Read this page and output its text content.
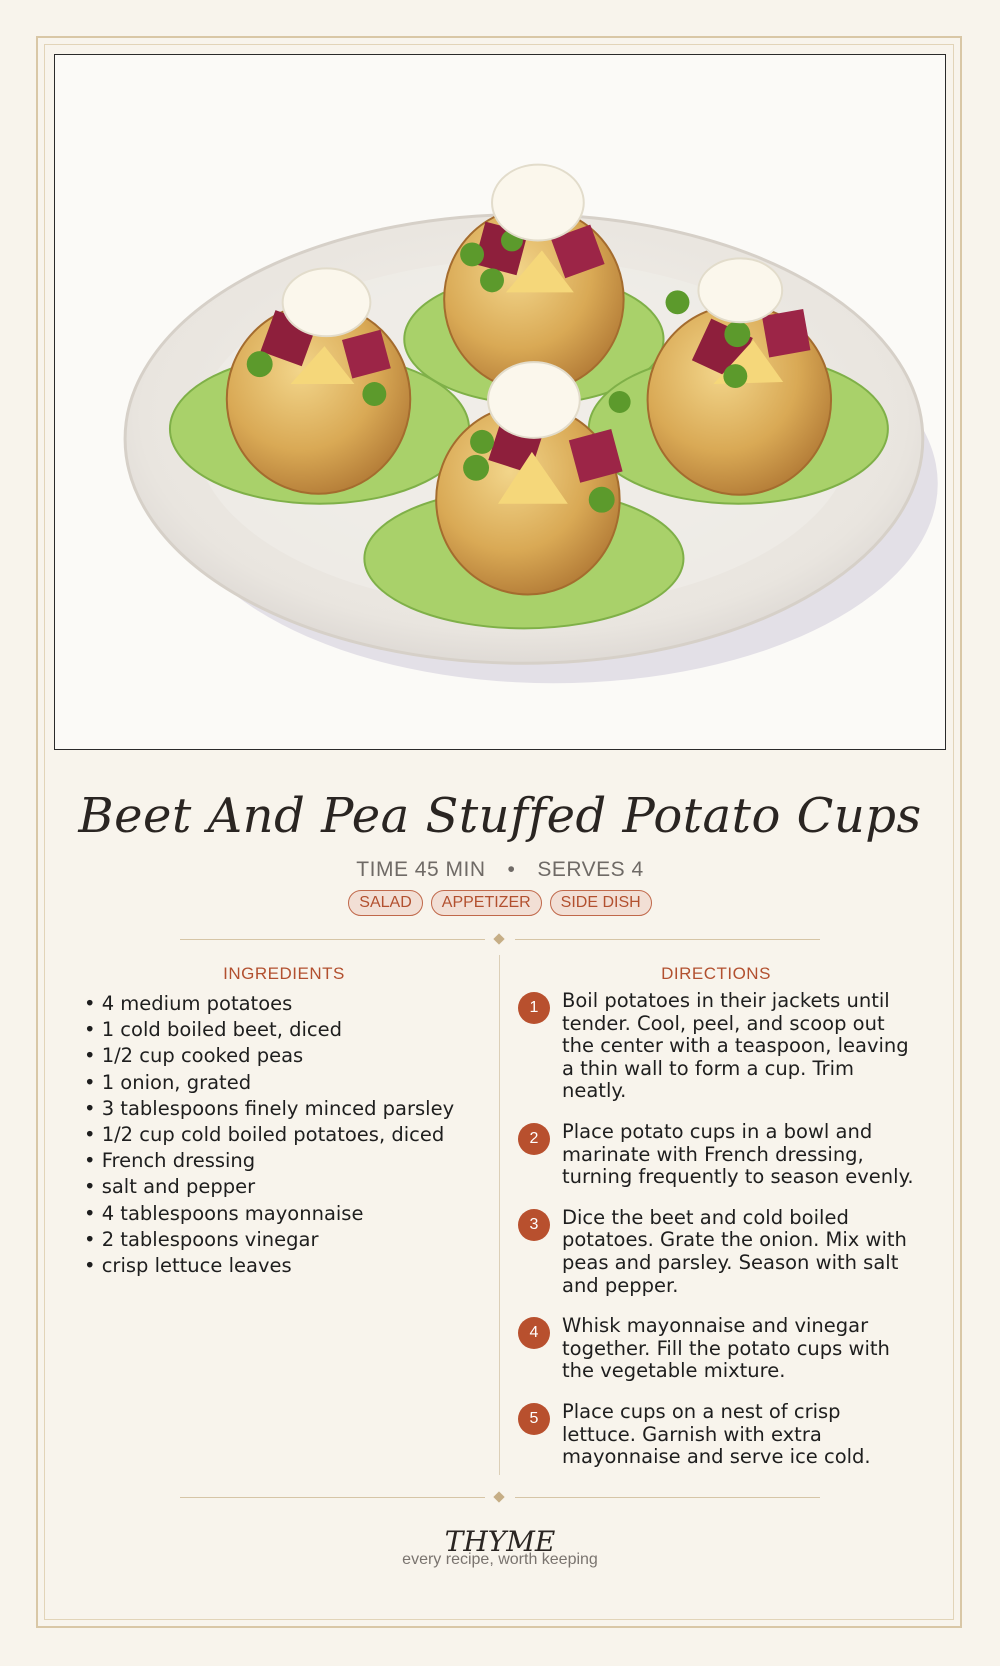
Beet And Pea Stuffed Potato Cups
TIME 45 MIN • SERVES 4
SALAD APPETIZER SIDE DISH
INGREDIENTS
• 4 medium potatoes
• 1 cold boiled beet, diced
• 1/2 cup cooked peas
• 1 onion, grated
• 3 tablespoons finely minced parsley
• 1/2 cup cold boiled potatoes, diced
• French dressing
• salt and pepper
• 4 tablespoons mayonnaise
• 2 tablespoons vinegar
• crisp lettuce leaves
DIRECTIONS
1	Boil potatoes in their jackets until tender. Cool, peel, and scoop out the center with a teaspoon, leaving a thin wall to form a cup. Trim neatly.
2	Place potato cups in a bowl and marinate with French dressing, turning frequently to season evenly.
3	Dice the beet and cold boiled potatoes. Grate the onion. Mix with peas and parsley. Season with salt and pepper.
4	Whisk mayonnaise and vinegar together. Fill the potato cups with the vegetable mixture.
5	Place cups on a nest of crisp lettuce. Garnish with extra mayonnaise and serve ice cold.
THYME
every recipe, worth keeping
